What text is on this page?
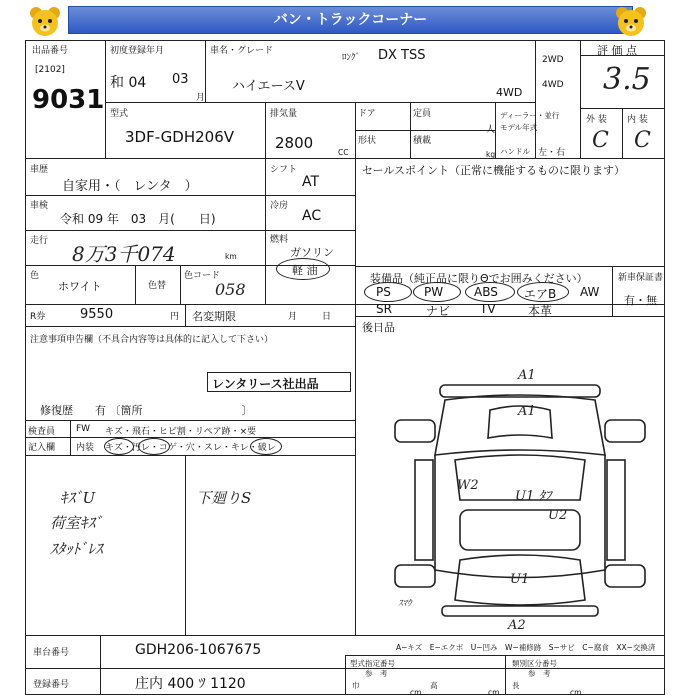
バン・トラックコーナー
出品番号
[2102]
9031
初度登録年月
和 04 03
月
車名・グレード
ﾛﾝｸﾞ DX TSS
ハイエースV	4WD
2WD
4WD
評 価 点
3.5
外 装 内 装
C C
型式
3DF-GDH206V
排気量
2800
CC
ドア	定員
人
形状	積載
kg
ディーラー・並行
モデル年式
ハンドル 左・右
車歴
自家用・（　レンタ　）
シフト
AT
セールスポイント（正常に機能するものに限ります）
車検
令和 09 年　03　月(　　日)
冷房
AC
走行
8万3千074	km
燃料
ガソリン
軽 油
色
ホワイト	色替
色コード
058
装備品（純正品に限りΘでお囲みください）
PS	PW	ABS エアB AW
SR	ナビ TV	本革
新車保証書
有・無
R券	9550	円 名変期限	月	日
後日品
注意事項申告欄（不具合内容等は具体的に記入して下さい）
レンタリース社出品
修復歴　　有 〔箇所　　　　　　　　　〕
検査員
記入欄
FW キズ・飛石・ヒビ割・リペア跡・×要
内装 キズ・汚レ・コゲ・穴・スレ・キレ・破レ
ｷｽﾞU
荷室ｷｽﾞ
ｽﾀｯﾄﾞﾚｽ
下廻りS
A1
A1
W2
U1 ﾀﾌ
U2
U1
A2
ｽﾏｳ
A−キズ　E−エクボ　U−凹み　W−補修跡　S−サビ　C−腐食　XX−交換済
車台番号	GDH206-1067675
登録番号	庄内 400 ﾂ 1120
型式指定番号
参　考
類別区分番号
参　考
巾
cm
高
cm
長
cm
